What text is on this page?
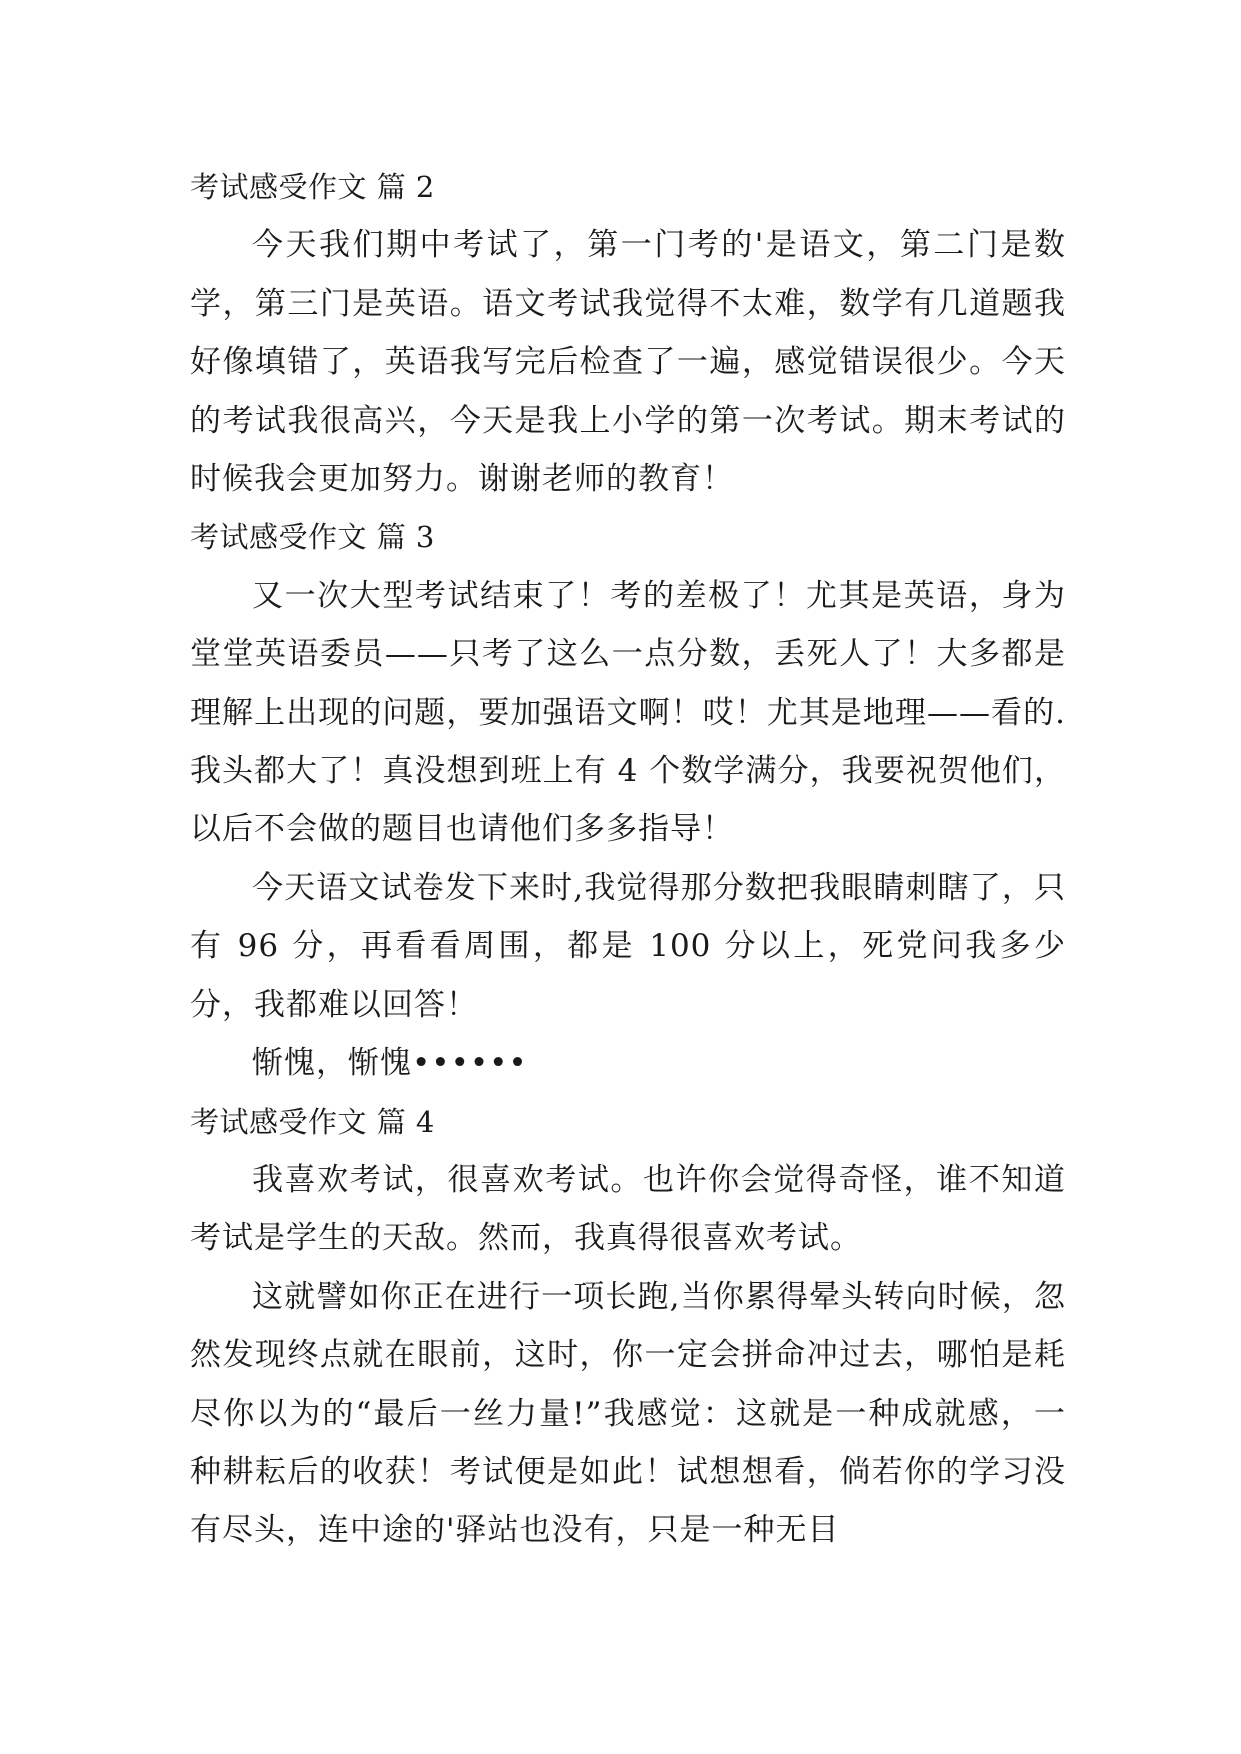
考试感受作文 篇 2

今天我们期中考试了，第一门考的'是语文，第二门是数学，第三门是英语。语文考试我觉得不太难，数学有几道题我好像填错了，英语我写完后检查了一遍，感觉错误很少。今天的考试我很高兴，今天是我上小学的第一次考试。期末考试的时候我会更加努力。谢谢老师的教育！

考试感受作文 篇 3

又一次大型考试结束了！考的差极了！尤其是英语，身为堂堂英语委员——只考了这么一点分数，丢死人了！大多都是理解上出现的问题，要加强语文啊！哎！尤其是地理——看的.我头都大了！真没想到班上有 4 个数学满分，我要祝贺他们，以后不会做的题目也请他们多多指导！

今天语文试卷发下来时,我觉得那分数把我眼睛刺瞎了，只有 96 分，再看看周围，都是 100 分以上，死党问我多少分，我都难以回答！

惭愧，惭愧••••••

考试感受作文 篇 4

我喜欢考试，很喜欢考试。也许你会觉得奇怪，谁不知道考试是学生的天敌。然而，我真得很喜欢考试。

这就譬如你正在进行一项长跑,当你累得晕头转向时候，忽然发现终点就在眼前，这时，你一定会拼命冲过去，哪怕是耗尽你以为的“最后一丝力量!”我感觉：这就是一种成就感，一种耕耘后的收获！考试便是如此！试想想看，倘若你的学习没有尽头，连中途的'驿站也没有，只是一种无目
